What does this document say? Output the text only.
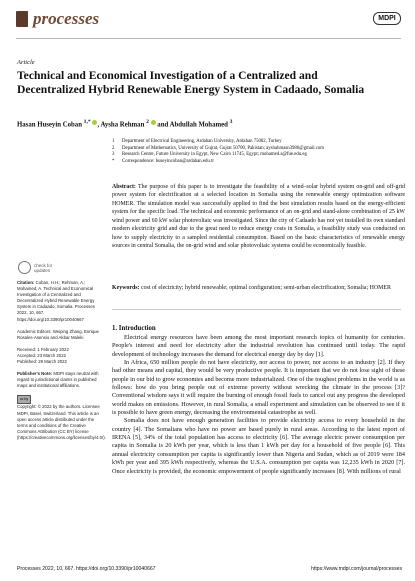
processes	MDPI
Article
Technical and Economical Investigation of a Centralized and Decentralized Hybrid Renewable Energy System in Cadaado, Somalia
Hasan Huseyin Coban $^{1,*}$ , Aysha Rehman $^2$ and Abdullah Mohamed $^3$
1 Department of Electrical Engineering, Ardahan University, Ardahan 75002, Turkey
2 Department of Mathematics, University of Gujrat, Gujrat 50700, Pakistan; ayshahmasn3986@gmail.com
3 Research Centre, Future University in Egypt, New Cairo 11745, Egypt; mohamed.a@fue.edu.eg
* Correspondence: huseyincoban@ardahan.edu.tr
Abstract: The purpose of this paper is to investigate the feasibility of a wind–solar hybrid system on-grid and off-grid power system for electrification at a selected location in Somalia using the renewable energy optimization software HOMER. The simulation model was successfully applied to find the best simulation results based on the energy-efficient system for the specific load. The technical and economic performance of an on-grid and stand-alone combination of 25 kW wind power and 60 kW solar photovoltaic was investigated. Since the city of Cadaado has not yet installed its own standard modern electricity grid and due to the great need to reduce energy costs in Somalia, a feasibility study was conducted on how to supply electricity to a sampled residential consumption. Based on the basic characteristics of renewable energy sources in central Somalia, the on-grid wind and solar photovoltaic systems could be economically feasible.
Keywords: cost of electricity; hybrid renewable; optimal configuration; semi-urban electrification; Somalia; HOMER
check for
updates

Citation: Coban, H.H.; Rehman, A.; Mohamed, A. Technical and Economical Investigation of a Centralized and Decentralized Hybrid Renewable Energy System in Cadaado, Somalia. Processes 2022, 10, 667. https://doi.org/10.3390/pr10040667

Academic Editors: Weiping Zhang, Enrique Rosales-Asensio and Akbar Maleki

Received: 1 February 2022

Accepted: 23 March 2022

Published: 29 March 2022

Publisher's Note: MDPI stays neutral with regard to jurisdictional claims in published maps and institutional affiliations.

cc by

Copyright: © 2022 by the authors. Licensee MDPI, Basel, Switzerland. This article is an open access article distributed under the terms and conditions of the Creative Commons Attribution (CC BY) license (https://creativecommons.org/licenses/by/4.0/).

1. Introduction

Electrical energy resources have been among the most important research topics of humanity for centuries. People's interest and need for electricity after the industrial revolution has continued until today. The rapid development of technology increases the demand for electrical energy day by day [1].

In Africa, 650 million people do not have electricity, nor access to power, nor access to an industry [2]. If they had other means and capital, they would be very productive people. It is important that we do not lose sight of these people in our bid to grow economies and become more industrialized. One of the toughest problems in the world is as follows: how do you bring people out of extreme poverty without wrecking the climate in the process [3]? Conventional wisdom says it will require the burning of enough fossil fuels to cancel out any progress the developed world makes on emissions. However, in rural Somalia, a small experiment and simulation can be observed to see if it is possible to have green energy, decreasing the environmental catastrophe as well.

Somalia does not have enough generation facilities to provide electricity access to every household in the country [4]. The Somalians who have no power are based purely in rural areas. According to the latest report of IRENA [5], 34% of the total population has access to electricity [6]. The average electric power consumption per capita in Somalia is 20 kWh per year, which is less than 1 kWh per day for a household of five people [6]. This annual electricity consumption per capita is significantly lower than Nigeria and Sudan, which as of 2019 were 184 kWh per year and 395 kWh respectively, whereas the U.S.A. consumption per capita was 12,235 kWh in 2020 [7]. Once electricity is provided, the economic empowerment of people significantly increases [8]. With millions of rural

Processes 2022, 10, 667. https://doi.org/10.3390/pr10040667	https://www.mdpi.com/journal/processes
